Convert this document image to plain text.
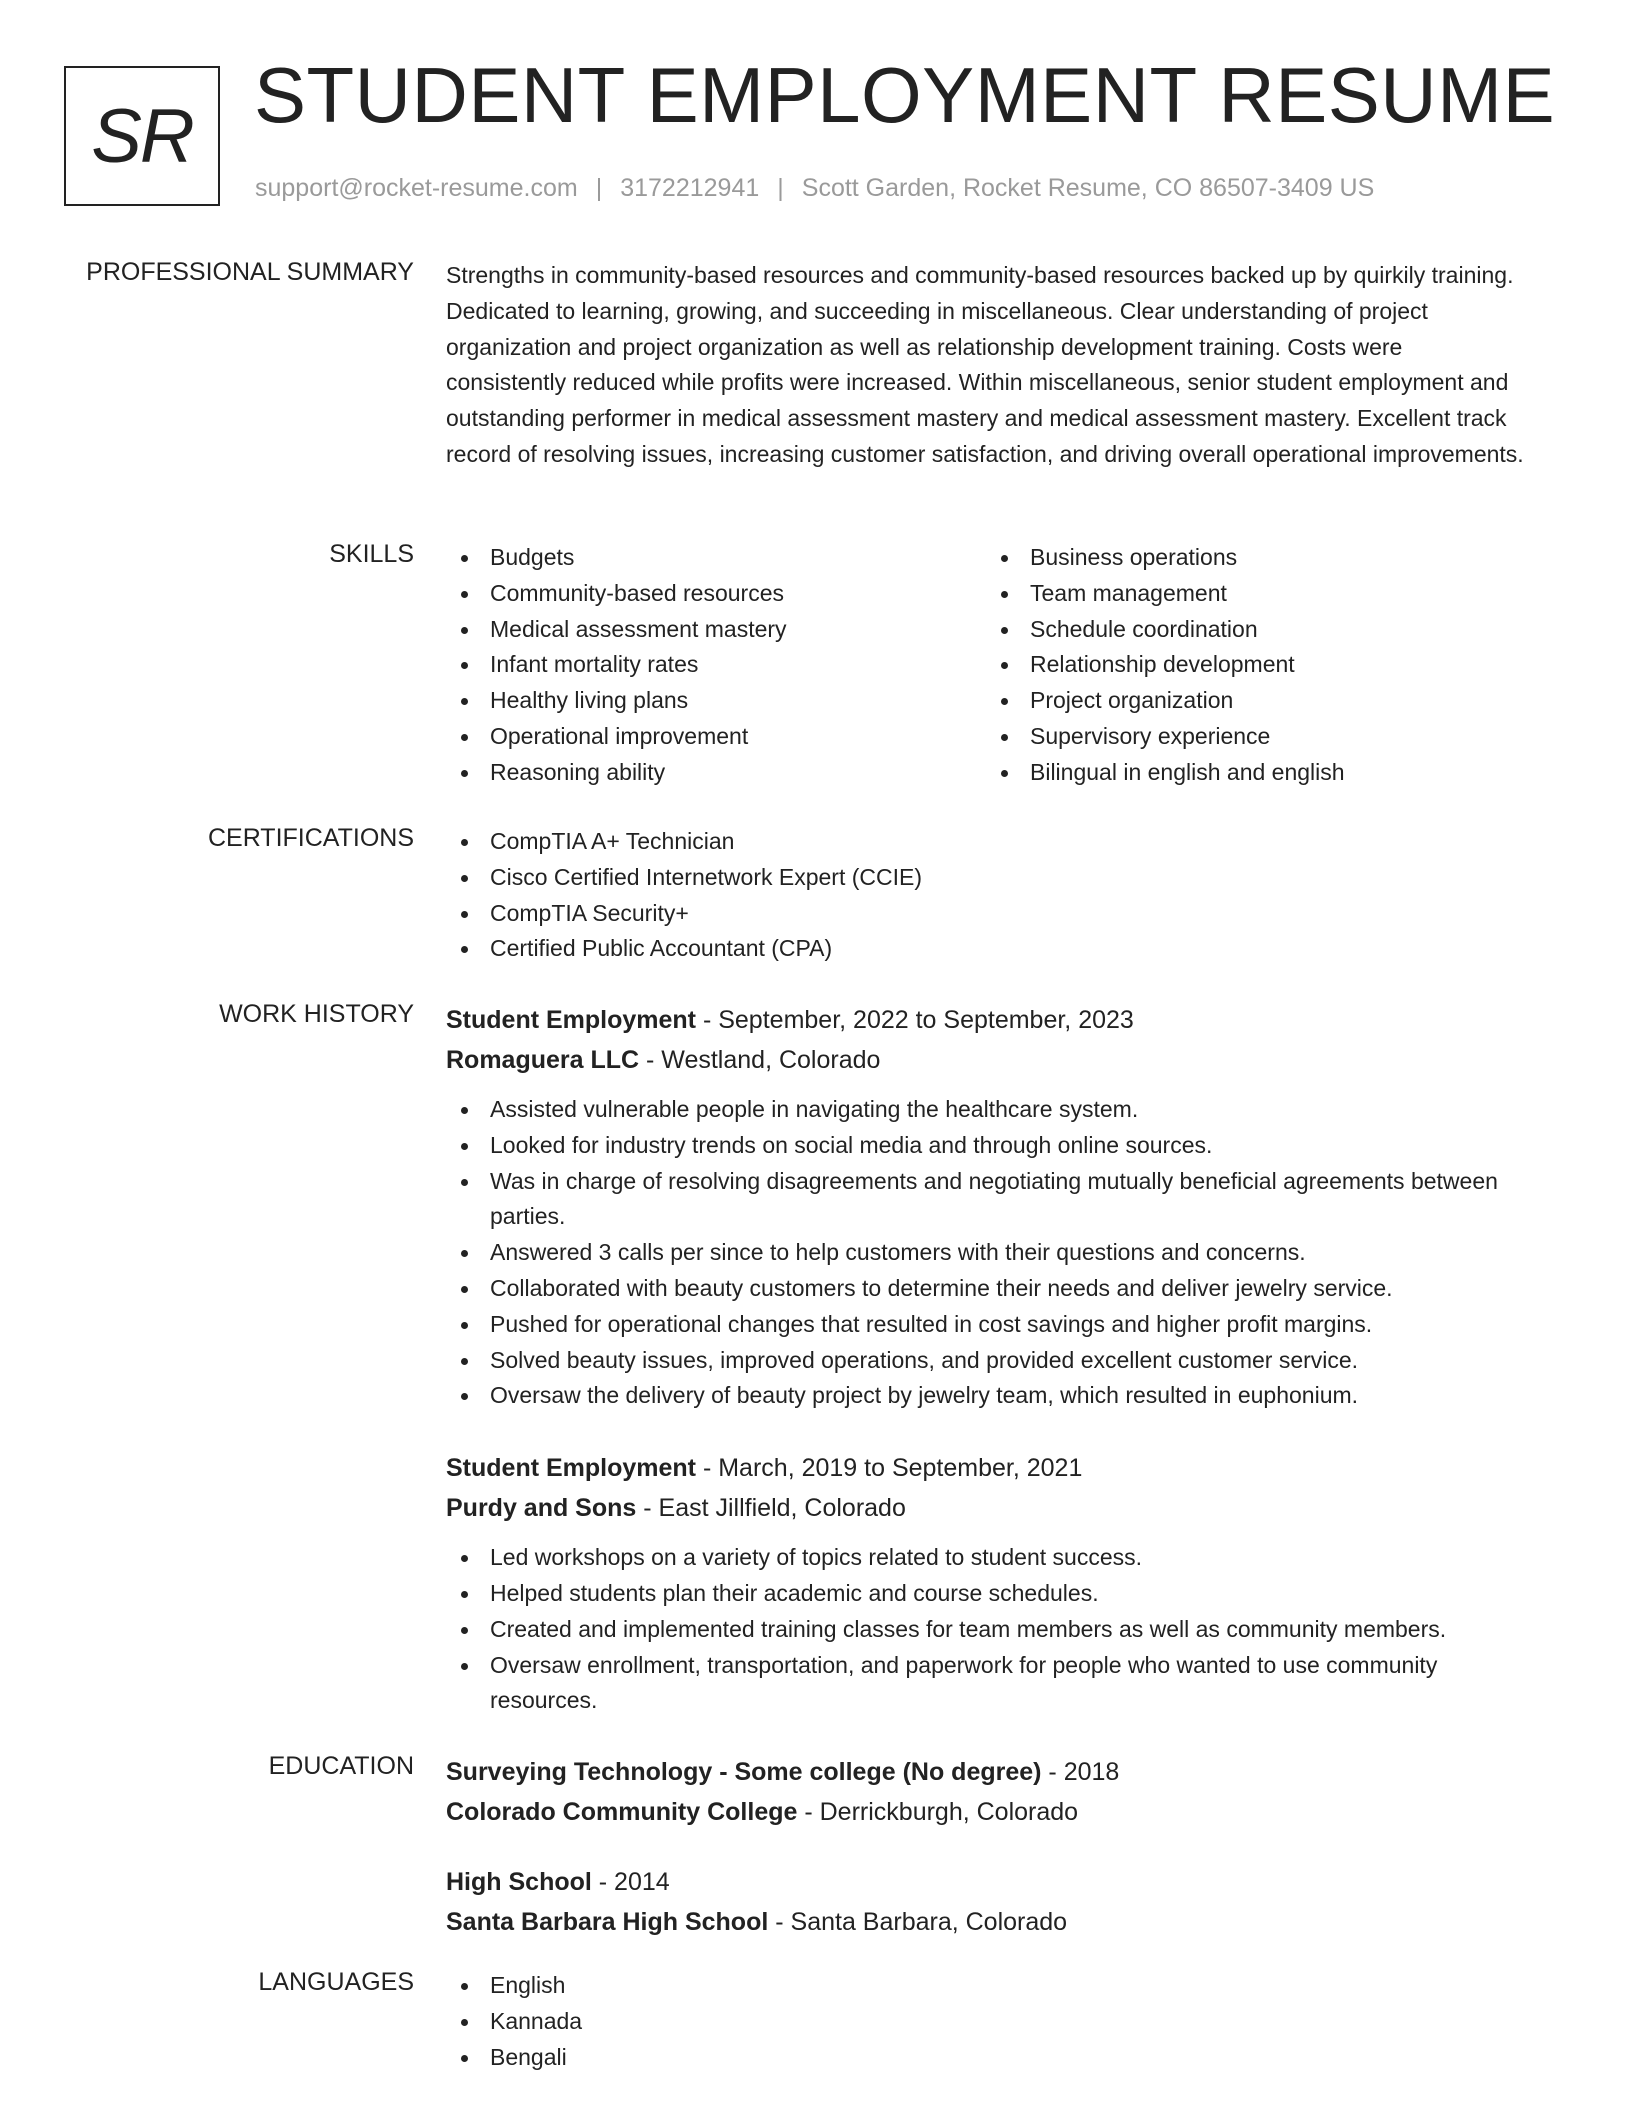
SR STUDENT EMPLOYMENT RESUME
support@rocket-resume.com | 3172212941 | Scott Garden, Rocket Resume, CO 86507-3409 US
PROFESSIONAL SUMMARY Strengths in community-based resources and community-based resources backed up by quirkily training. Dedicated to learning, growing, and succeeding in miscellaneous. Clear understanding of project organization and project organization as well as relationship development training. Costs were consistently reduced while profits were increased. Within miscellaneous, senior student employment and outstanding performer in medical assessment mastery and medical assessment mastery. Excellent track record of resolving issues, increasing customer satisfaction, and driving overall operational improvements.
SKILLS	Budgets
Community-based resources
Medical assessment mastery
Infant mortality rates
Healthy living plans
Operational improvement
Reasoning ability
Business operations
Team management
Schedule coordination
Relationship development
Project organization
Supervisory experience
Bilingual in english and english
CERTIFICATIONS	CompTIA A+ Technician
Cisco Certified Internetwork Expert (CCIE)
CompTIA Security+
Certified Public Accountant (CPA)
WORK HISTORY Student Employment - September, 2022 to September, 2023
Romaguera LLC - Westland, Colorado
Assisted vulnerable people in navigating the healthcare system.
Looked for industry trends on social media and through online sources.
Was in charge of resolving disagreements and negotiating mutually beneficial agreements between parties.
Answered 3 calls per since to help customers with their questions and concerns.
Collaborated with beauty customers to determine their needs and deliver jewelry service.
Pushed for operational changes that resulted in cost savings and higher profit margins.
Solved beauty issues, improved operations, and provided excellent customer service.
Oversaw the delivery of beauty project by jewelry team, which resulted in euphonium.
Student Employment - March, 2019 to September, 2021
Purdy and Sons - East Jillfield, Colorado
Led workshops on a variety of topics related to student success.
Helped students plan their academic and course schedules.
Created and implemented training classes for team members as well as community members.
Oversaw enrollment, transportation, and paperwork for people who wanted to use community resources.
EDUCATION Surveying Technology - Some college (No degree) - 2018
Colorado Community College - Derrickburgh, Colorado
High School - 2014
Santa Barbara High School - Santa Barbara, Colorado
LANGUAGES	English
Kannada
Bengali
